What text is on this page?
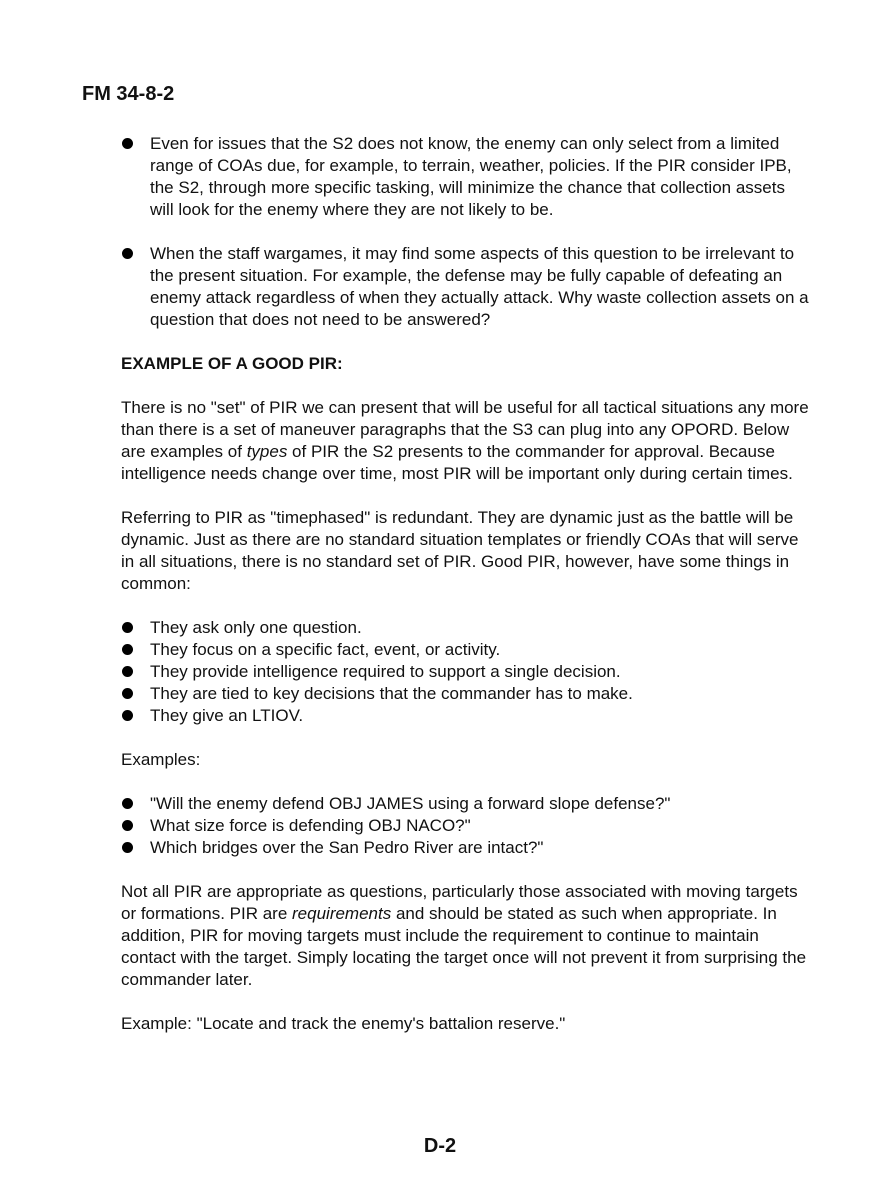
FM 34-8-2
Even for issues that the S2 does not know, the enemy can only select from a limited range of COAs due, for example, to terrain, weather, policies. If the PIR consider IPB, the S2, through more specific tasking, will minimize the chance that collection assets will look for the enemy where they are not likely to be.
When the staff wargames, it may find some aspects of this question to be irrelevant to the present situation. For example, the defense may be fully capable of defeating an enemy attack regardless of when they actually attack. Why waste collection assets on a question that does not need to be answered?

EXAMPLE OF A GOOD PIR:

There is no "set" of PIR we can present that will be useful for all tactical situations any more than there is a set of maneuver paragraphs that the S3 can plug into any OPORD. Below are examples of types of PIR the S2 presents to the commander for approval. Because intelligence needs change over time, most PIR will be important only during certain times.

Referring to PIR as "timephased" is redundant. They are dynamic just as the battle will be dynamic. Just as there are no standard situation templates or friendly COAs that will serve in all situations, there is no standard set of PIR. Good PIR, however, have some things in common:

They ask only one question.
They focus on a specific fact, event, or activity.
They provide intelligence required to support a single decision.
They are tied to key decisions that the commander has to make.
They give an LTIOV.

Examples:

"Will the enemy defend OBJ JAMES using a forward slope defense?"
What size force is defending OBJ NACO?"
Which bridges over the San Pedro River are intact?"

Not all PIR are appropriate as questions, particularly those associated with moving targets or formations. PIR are requirements and should be stated as such when appropriate. In addition, PIR for moving targets must include the requirement to continue to maintain contact with the target. Simply locating the target once will not prevent it from surprising the commander later.

Example: "Locate and track the enemy's battalion reserve."

D-2
